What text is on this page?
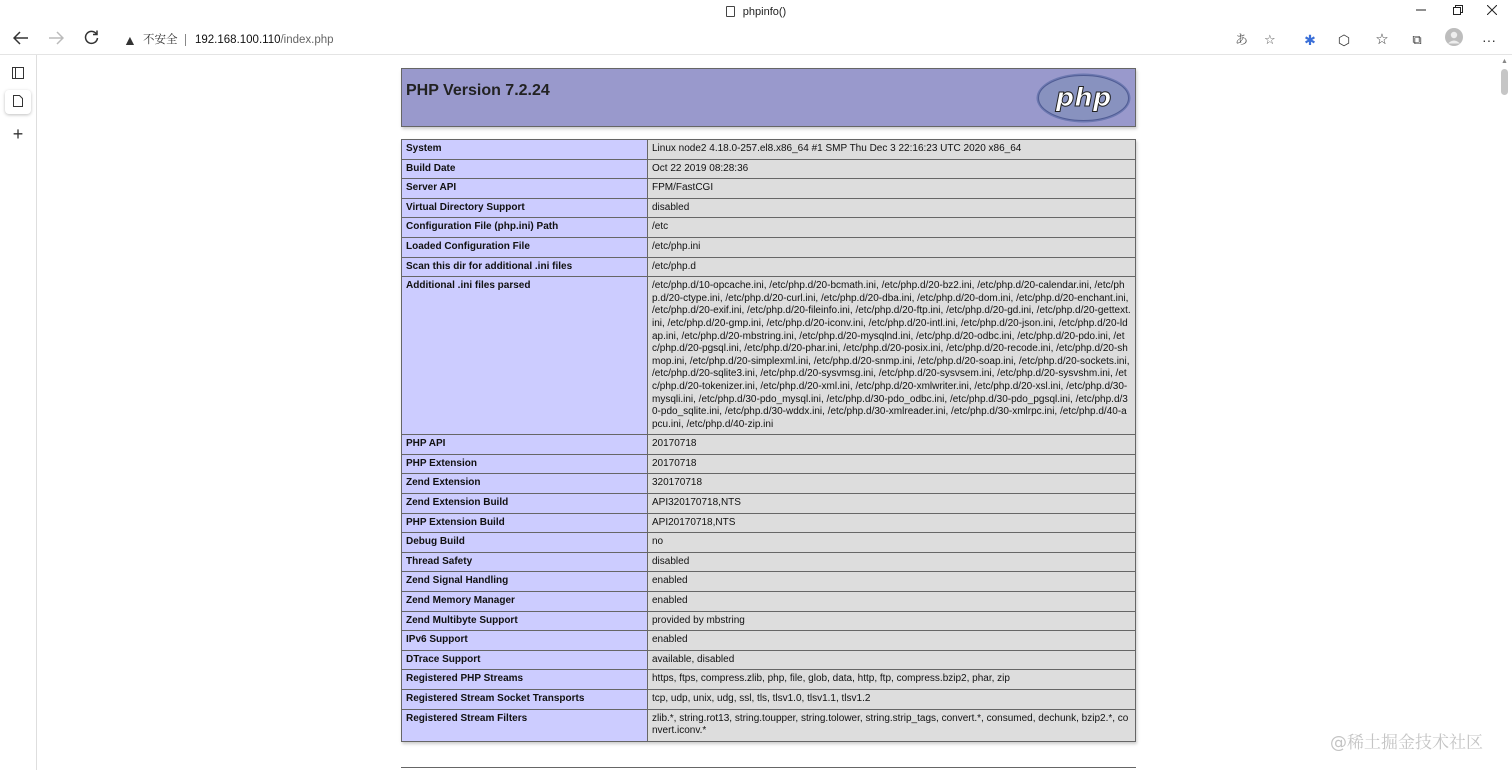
phpinfo()
▲ 不安全 192.168.100.110/index.php	あ ☆	✱	⬡	☆	⧉	···
+
PHP Version 7.2.24	php
System	Linux node2 4.18.0-257.el8.x86_64 #1 SMP Thu Dec 3 22:16:23 UTC 2020 x86_64
Build Date	Oct 22 2019 08:28:36
Server API	FPM/FastCGI
Virtual Directory Support	disabled
Configuration File (php.ini) Path	/etc
Loaded Configuration File	/etc/php.ini
Scan this dir for additional .ini files	/etc/php.d
Additional .ini files parsed	/etc/php.d/10-opcache.ini, /etc/php.d/20-bcmath.ini, /etc/php.d/20-bz2.ini, /etc/php.d/20-calendar.ini, /etc/php.d/20-ctype.ini, /etc/php.d/20-curl.ini, /etc/php.d/20-dba.ini, /etc/php.d/20-dom.ini, /etc/php.d/20-enchant.ini, /etc/php.d/20-exif.ini, /etc/php.d/20-fileinfo.ini, /etc/php.d/20-ftp.ini, /etc/php.d/20-gd.ini, /etc/php.d/20-gettext.ini, /etc/php.d/20-gmp.ini, /etc/php.d/20-iconv.ini, /etc/php.d/20-intl.ini, /etc/php.d/20-json.ini, /etc/php.d/20-ldap.ini, /etc/php.d/20-mbstring.ini, /etc/php.d/20-mysqlnd.ini, /etc/php.d/20-odbc.ini, /etc/php.d/20-pdo.ini, /etc/php.d/20-pgsql.ini, /etc/php.d/20-phar.ini, /etc/php.d/20-posix.ini, /etc/php.d/20-recode.ini, /etc/php.d/20-shmop.ini, /etc/php.d/20-simplexml.ini, /etc/php.d/20-snmp.ini, /etc/php.d/20-soap.ini, /etc/php.d/20-sockets.ini, /etc/php.d/20-sqlite3.ini, /etc/php.d/20-sysvmsg.ini, /etc/php.d/20-sysvsem.ini, /etc/php.d/20-sysvshm.ini, /etc/php.d/20-tokenizer.ini, /etc/php.d/20-xml.ini, /etc/php.d/20-xmlwriter.ini, /etc/php.d/20-xsl.ini, /etc/php.d/30-mysqli.ini, /etc/php.d/30-pdo_mysql.ini, /etc/php.d/30-pdo_odbc.ini, /etc/php.d/30-pdo_pgsql.ini, /etc/php.d/30-pdo_sqlite.ini, /etc/php.d/30-wddx.ini, /etc/php.d/30-xmlreader.ini, /etc/php.d/30-xmlrpc.ini, /etc/php.d/40-apcu.ini, /etc/php.d/40-zip.ini
PHP API	20170718
PHP Extension	20170718
Zend Extension	320170718
Zend Extension Build	API320170718,NTS
PHP Extension Build	API20170718,NTS
Debug Build	no
Thread Safety	disabled
Zend Signal Handling	enabled
Zend Memory Manager	enabled
Zend Multibyte Support	provided by mbstring
IPv6 Support	enabled
DTrace Support	available, disabled
Registered PHP Streams	https, ftps, compress.zlib, php, file, glob, data, http, ftp, compress.bzip2, phar, zip
Registered Stream Socket Transports	tcp, udp, unix, udg, ssl, tls, tlsv1.0, tlsv1.1, tlsv1.2
Registered Stream Filters	zlib.*, string.rot13, string.toupper, string.tolower, string.strip_tags, convert.*, consumed, dechunk, bzip2.*, convert.iconv.*
▲
@稀土掘金技术社区
